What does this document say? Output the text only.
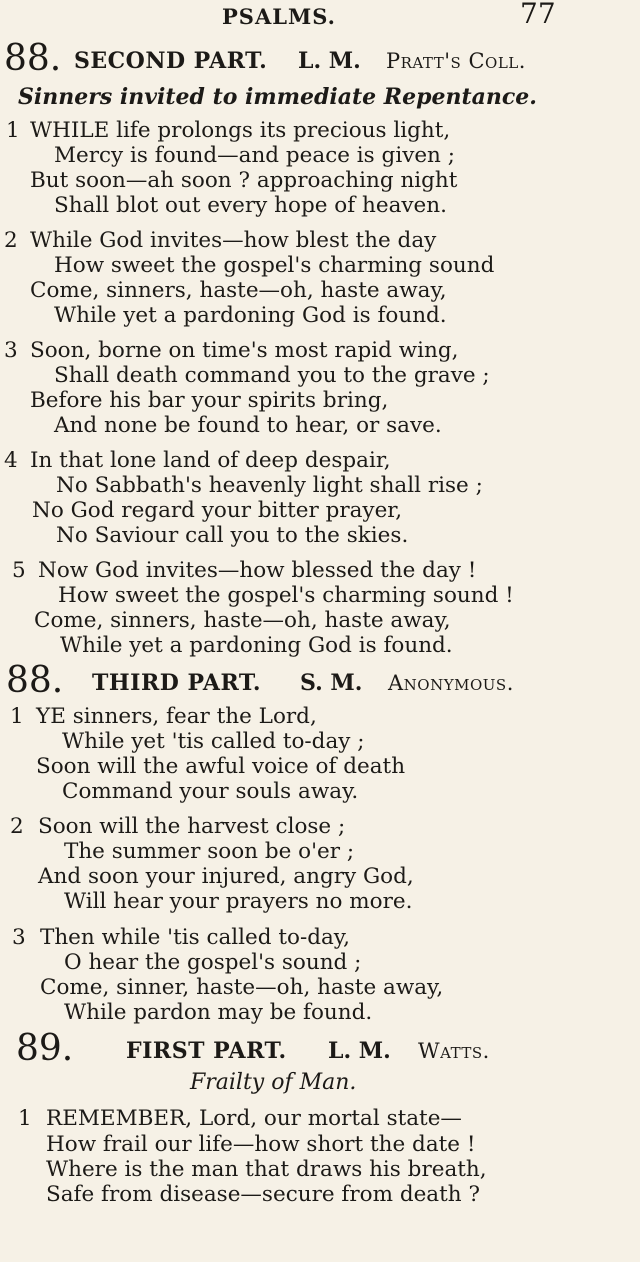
PSALMS.	77
88. SECOND PART. L. M. Pratt's Coll.
Sinners invited to immediate Repentance.
1 WHILE life prolongs its precious light,
Mercy is found—and peace is given ;
But soon—ah soon ? approaching night
Shall blot out every hope of heaven.
2 While God invites—how blest the day
How sweet the gospel's charming sound
Come, sinners, haste—oh, haste away,
While yet a pardoning God is found.
3 Soon, borne on time's most rapid wing,
Shall death command you to the grave ;
Before his bar your spirits bring,
And none be found to hear, or save.
4 In that lone land of deep despair,
No Sabbath's heavenly light shall rise ;
No God regard your bitter prayer,
No Saviour call you to the skies.
5 Now God invites—how blessed the day !
How sweet the gospel's charming sound !
Come, sinners, haste—oh, haste away,
While yet a pardoning God is found.
88. THIRD PART. S. M. Anonymous.
1 YE sinners, fear the Lord,
While yet 'tis called to-day ;
Soon will the awful voice of death
Command your souls away.
2 Soon will the harvest close ;
The summer soon be o'er ;
And soon your injured, angry God,
Will hear your prayers no more.
3 Then while 'tis called to-day,
O hear the gospel's sound ;
Come, sinner, haste—oh, haste away,
While pardon may be found.
89. FIRST PART. L. M. Watts.
Frailty of Man.
1 REMEMBER, Lord, our mortal state—
How frail our life—how short the date !
Where is the man that draws his breath,
Safe from disease—secure from death ?
